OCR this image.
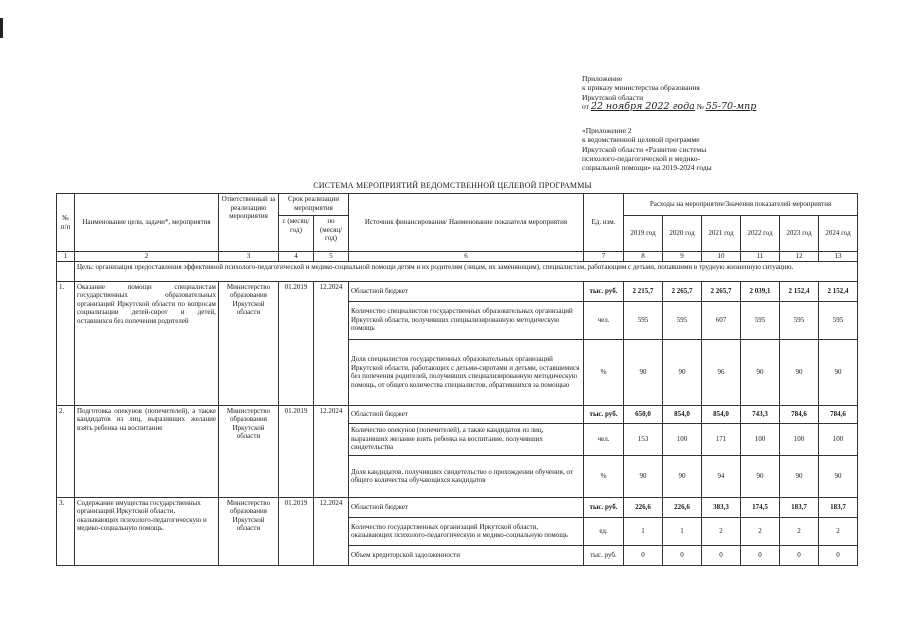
Приложение
к приказу министерства образования
Иркутской области
от 22 ноября 2022 года № 55-70-мпр
«Приложение 2
к ведомственной целевой программе
Иркутской области «Развитие системы
психолого-педагогической и медико-
социальной помощи» на 2019-2024 годы
СИСТЕМА МЕРОПРИЯТИЙ ВЕДОМСТВЕННОЙ ЦЕЛЕВОЙ ПРОГРАММЫ
№ п/п	Наименование цели, задачи*, мероприятия	Ответственный за реализацию мероприятия	Срок реализации мероприятия		Источник финансирования/ Наименование показателя мероприятия	Ед. изм.	Расходы на мероприятие/Значения показателей мероприятия					
			с (месяц/год)	по (месяц/год)			2019 год	2020 год	2021 год	2022 год	2023 год	2024 год
1	2	3	4	5	6	7	8	9	10	11	12	13
	Цель: организация предоставления эффективной психолого-педагогической и медико-социальной помощи детям и их родителям (лицам, их заменяющим), специалистам, работающим с детьми, попавшими в трудную жизненную ситуацию.											
1.	Оказание помощи специалистам государственных образовательных организаций Иркутской области по вопросам социализации детей-сирот и детей, оставшихся без попечения родителей	Министерство образования Иркутской области	01.2019	12.2024	Областной бюджет	тыс. руб.	2 215,7	2 265,7	2 265,7	2 039,1	2 152,4	2 152,4
					Количество специалистов государственных образовательных организаций Иркутской области, получивших специализированную методическую помощь	чел.	595	595	607	595	595	595
					Доля специалистов государственных образовательных организаций Иркутской области, работающих с детьми-сиротами и детьми, оставшимися без попечения родителей, получивших специализированную методическую помощь, от общего количества специалистов, обратившихся за помощью	%	90	90	96	90	90	90
2.	Подготовка опекунов (попечителей), а также кандидатов из лиц, выразивших желание взять ребенка на воспитание	Министерство образования Иркутской области	01.2019	12.2024	Областной бюджет	тыс. руб.	650,0	854,0	854,0	743,3	784,6	784,6
					Количество опекунов (попечителей), а также кандидатов из лиц, выразивших желание взять ребенка на воспитание, получивших свидетельства	чел.	153	100	171	100	100	100
					Доля кандидатов, получивших свидетельство о прохождении обучения, от общего количества обучающихся кандидатов	%	90	90	94	90	90	90
3.	Содержание имущества государственных организаций Иркутской области, оказывающих психолого-педагогическую и медико-социальную помощь.	Министерство образования Иркутской области	01.2019	12.2024	Областной бюджет	тыс. руб.	226,6	226,6	383,3	174,5	183,7	183,7
					Количество государственных организаций Иркутской области, оказывающих психолого-педагогическую и медико-социальную помощь	ед.	1	1	2	2	2	2
					Объем кредиторской задолженности	тыс. руб.	0	0	0	0	0	0
